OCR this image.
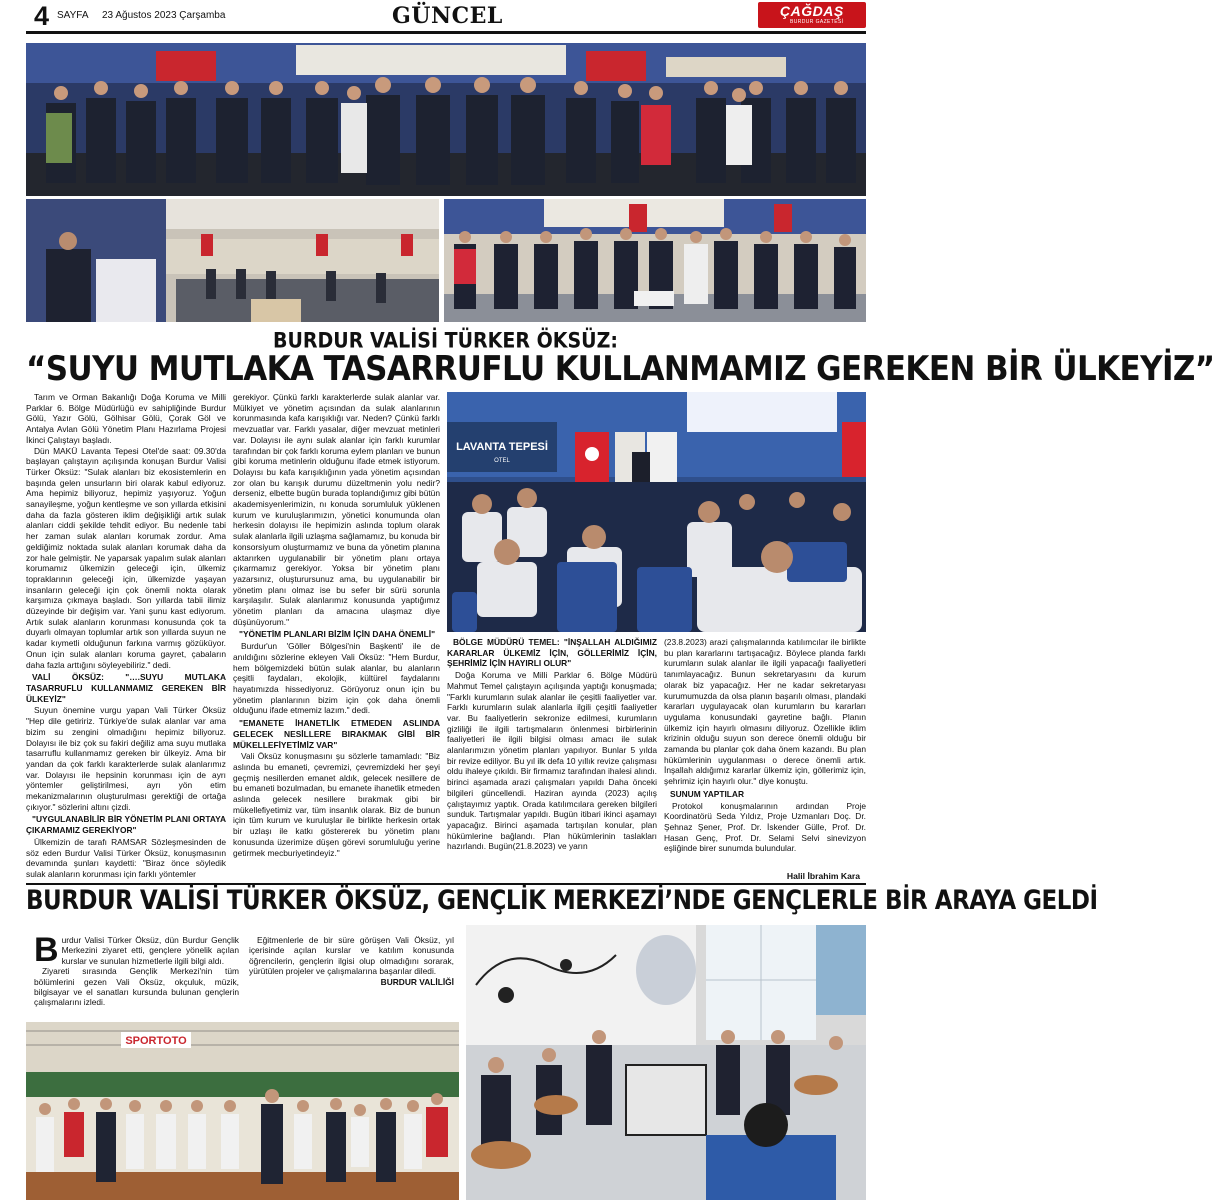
4 SAYFA 23 Ağustos 2023 Çarşamba	GÜNCEL	ÇAĞDAŞ
BURDUR GAZETESİ
BURDUR VALİSİ TÜRKER ÖKSÜZ:
“SUYU MUTLAKA TASARRUFLU KULLANMAMIZ GEREKEN BİR ÜLKEYİZ”

Tarım ve Orman Bakanlığı Doğa Koruma ve Milli Parklar 6. Bölge Müdürlüğü ev sahipliğinde Burdur Gölü, Yazır Gölü, Gölhisar Gölü, Çorak Göl ve Antalya Avlan Gölü Yönetim Planı Hazırlama Projesi İkinci Çalıştayı başladı.

Dün MAKÜ Lavanta Tepesi Otel'de saat: 09.30'da başlayan çalıştayın açılışında konuşan Burdur Valisi Türker Öksüz: "Sulak alanları biz ekosistemlerin en başında gelen unsurların biri olarak kabul ediyoruz. Ama hepimiz biliyoruz, hepimiz yaşıyoruz. Yoğun sanayileşme, yoğun kentleşme ve son yıllarda etkisini daha da fazla gösteren iklim değişikliği artık sulak alanları ciddi şekilde tehdit ediyor. Bu nedenle tabi her zaman sulak alanları korumak zordur. Ama geldiğimiz noktada sulak alanları korumak daha da zor hale gelmiştir. Ne yaparsak yapalım sulak alanları korumamız ülkemizin geleceği için, ülkemiz topraklarının geleceği için, ülkemizde yaşayan insanların geleceği için çok önemli nokta olarak karşımıza çıkmaya başladı. Son yıllarda tabii ilimiz düzeyinde bir değişim var. Yani şunu kast ediyorum. Artık sulak alanların korunması konusunda çok ta duyarlı olmayan toplumlar artık son yıllarda suyun ne kadar kıymetli olduğunun farkına varmış gözüküyor. Onun için sulak alanları koruma gayret, çabaların daha fazla arttığını söyleyebiliriz." dedi.

VALİ ÖKSÜZ: "….SUYU MUTLAKA TASARRUFLU KULLANMAMIZ GEREKEN BİR ÜLKEYİZ"

Suyun önemine vurgu yapan Vali Türker Öksüz "Hep dile getiririz. Türkiye'de sulak alanlar var ama bizim su zengini olmadığını hepimiz biliyoruz. Dolayısı ile biz çok su fakiri değiliz ama suyu mutlaka tasarruflu kullanmamız gereken bir ülkeyiz. Ama bir yandan da çok farklı karakterlerde sulak alanlarımız var. Dolayısı ile hepsinin korunması için de ayrı yöntemler geliştirilmesi, ayrı yön etim mekanizmalarının oluşturulması gerektiği de ortağa çıkıyor." sözlerini altını çizdi.

"UYGULANABİLİR BİR YÖNETİM PLANI ORTAYA ÇIKARMAMIZ GEREKİYOR"

Ülkemizin de tarafı RAMSAR Sözleşmesinden de söz eden Burdur Valisi Türker Öksüz, konuşmasının devamında şunları kaydetti: "Biraz önce söyledik sulak alanların korunması için farklı yöntemler

gerekiyor. Çünkü farklı karakterlerde sulak alanlar var. Mülkiyet ve yönetim açısından da sulak alanlarının korunmasında kafa karışıklığı var. Neden? Çünkü farklı mevzuatlar var. Farklı yasalar, diğer mevzuat metinleri var. Dolayısı ile aynı sulak alanlar için farklı kurumlar tarafından bir çok farklı koruma eylem planları ve bunun gibi koruma metinlerin olduğunu ifade etmek istiyorum. Dolayısı bu kafa karışıklığının yada yönetim açısından zor olan bu karışık durumu düzeltmenin yolu nedir? derseniz, elbette bugün burada toplandığımız gibi bütün akademisyenlerimizin, nı konuda sorumluluk yüklenen kurum ve kuruluşlarımızın, yönetici konumunda olan herkesin dolayısı ile hepimizin aslında toplum olarak sulak alanlarla ilgili uzlaşma sağlamamız, bu konuda bir konsorsiyum oluşturmamız ve buna da yönetim planına aktarırken uygulanabilir bir yönetim planı ortaya çıkarmamız gerekiyor. Yoksa bir yönetim planı yazarsınız, oluşturursunuz ama, bu uygulanabilir bir yönetim planı olmaz ise bu sefer bir sürü sorunla karşılaşılır. Sulak alanlarımız konusunda yaptığımız yönetim planları da amacına ulaşmaz diye düşünüyorum."

"YÖNETİM PLANLARI BİZİM İÇİN DAHA ÖNEMLİ"

Burdur'un 'Göller Bölgesi'nin Başkenti' ile de anıldığını sözlerine ekleyen Vali Öksüz: "Hem Burdur, hem bölgemizdeki bütün sulak alanlar, bu alanların çeşitli faydaları, ekolojik, kültürel faydalarını hayatımızda hissediyoruz. Görüyoruz onun için bu yönetim planlarının bizim için çok daha önemli olduğunu ifade etmemiz lazım." dedi.

"EMANETE İHANETLİK ETMEDEN ASLINDA GELECEK NESİLLERE BIRAKMAK GİBİ BİR MÜKELLEFİYETİMİZ VAR"

Vali Öksüz konuşmasını şu sözlerle tamamladı: "Biz aslında bu emaneti, çevremizi, çevremizdeki her şeyi geçmiş nesillerden emanet aldık, gelecek nesillere de bu emaneti bozulmadan, bu emanete ihanetlik etmeden aslında gelecek nesillere bırakmak gibi bir mükellefiyetimiz var, tüm insanlık olarak. Biz de bunun için tüm kurum ve kuruluşlar ile birlikte herkesin ortak bir uzlaşı ile katkı göstererek bu yönetim planı konusunda üzerimize düşen görevi sorumluluğu yerine getirmek mecburiyetindeyiz."

LAVANTA TEPESİ
OTEL
BÖLGE MÜDÜRÜ TEMEL: "İNŞALLAH ALDIĞIMIZ KARARLAR ÜLKEMİZ İÇİN, GÖLLERİMİZ İÇİN, ŞEHRİMİZ İÇİN HAYIRLI OLUR"

Doğa Koruma ve Milli Parklar 6. Bölge Müdürü Mahmut Temel çalıştayın açılışında yaptığı konuşmada; "Farklı kurumların sulak alanlar ile çeşitli faaliyetler var. Farklı kurumların sulak alanlarla ilgili çeşitli faaliyetler var. Bu faaliyetlerin sekronize edilmesi, kurumların gizliliği ile ilgili tartışmaların önlenmesi birbirlerinin faaliyetleri ile ilgili bilgisi olması amacı ile sulak alanlarımızın yönetim planları yapılıyor. Bunlar 5 yılda bir revize ediliyor. Bu yıl ilk defa 10 yıllık revize çalışması oldu ihaleye çıkıldı. Bir firmamız tarafından ihalesi alındı. birinci aşamada arazi çalışmaları yapıldı Daha önceki bilgileri güncellendi. Haziran ayında (2023) açılış çalıştayımız yaptık. Orada katılımcılara gereken bilgileri sunduk. Tartışmalar yapıldı. Bugün itibari ikinci aşamayı yapacağız. Birinci aşamada tartışılan konular, plan hükümlerine bağlandı. Plan hükümlerinin taslakları hazırlandı. Bugün(21.8.2023) ve yarın

(23.8.2023) arazi çalışmalarında katılımcılar ile birlikte bu plan kararlarını tartışacağız. Böylece planda farklı kurumların sulak alanlar ile ilgili yapacağı faaliyetleri tanımlayacağız. Bunun sekretaryasını da kurum olarak biz yapacağız. Her ne kadar sekretaryası kurumumuzda da olsa planın başarılı olması, plandaki kararları uygulayacak olan kurumların bu kararları uygulama konusundaki gayretine bağlı. Planın ülkemiz için hayırlı olmasını diliyoruz. Özellikle iklim krizinin olduğu suyun son derece önemli olduğu bir zamanda bu planlar çok daha önem kazandı. Bu plan hükümlerinin uygulanması o derece önemli artık. İnşallah aldığımız kararlar ülkemiz için, göllerimiz için, şehrimiz için hayırlı olur." diye konuştu.

SUNUM YAPTILAR

Protokol konuşmalarının ardından Proje Koordinatörü Seda Yıldız, Proje Uzmanları Doç. Dr. Şehnaz Şener, Prof. Dr. İskender Gülle, Prof. Dr. Hasan Genç, Prof. Dr. Selami Selvi sinevizyon eşliğinde birer sunumda bulundular.

Halil İbrahim Kara
BURDUR VALİSİ TÜRKER ÖKSÜZ, GENÇLİK MERKEZİ’NDE GENÇLERLE BİR ARAYA GELDİ

Burdur Valisi Türker Öksüz, dün Burdur Gençlik Merkezini ziyaret etti, gençlere yönelik açılan kurslar ve sunulan hizmetlerle ilgili bilgi aldı.

Ziyareti sırasında Gençlik Merkezi'nin tüm bölümlerini gezen Vali Öksüz, okçuluk, müzik, bilgisayar ve el sanatları kursunda bulunan gençlerin çalışmalarını izledi.

Eğitmenlerle de bir süre görüşen Vali Öksüz, yıl içerisinde açılan kurslar ve katılım konusunda öğrencilerin, gençlerin ilgisi olup olmadığını sorarak, yürütülen projeler ve çalışmalarına başarılar diledi.

BURDUR VALİLİĞİ
SPORTOTO
